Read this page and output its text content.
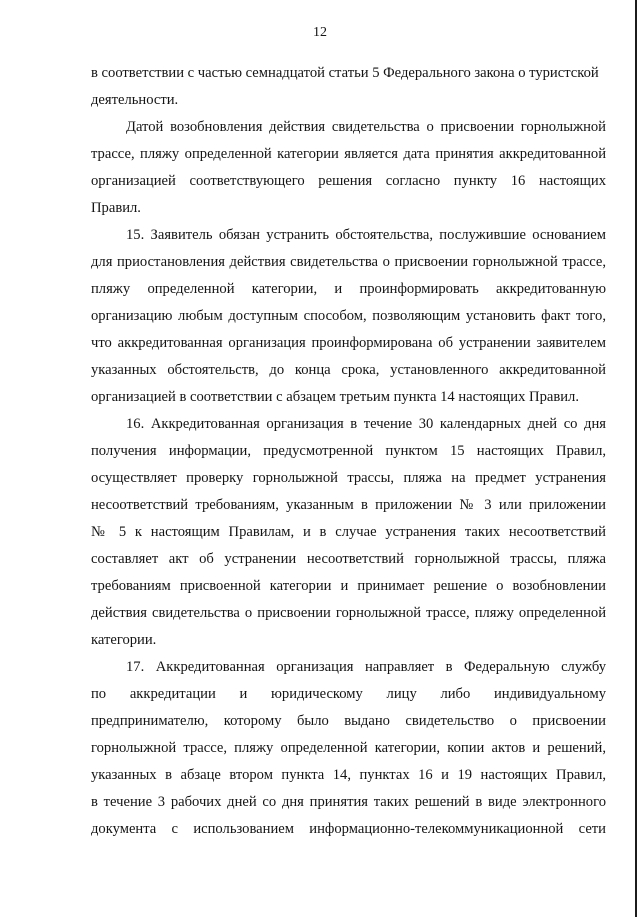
12
в соответствии с частью семнадцатой статьи 5 Федерального закона о туристской
деятельности.
Датой возобновления действия свидетельства о присвоении горнолыжной
трассе, пляжу определенной категории является дата принятия аккредитованной
организацией соответствующего решения согласно пункту 16 настоящих
Правил.
15. Заявитель обязан устранить обстоятельства, послужившие основанием
для приостановления действия свидетельства о присвоении горнолыжной трассе,
пляжу определенной категории, и проинформировать аккредитованную
организацию любым доступным способом, позволяющим установить факт того,
что аккредитованная организация проинформирована об устранении заявителем
указанных обстоятельств, до конца срока, установленного аккредитованной
организацией в соответствии с абзацем третьим пункта 14 настоящих Правил.
16. Аккредитованная организация в течение 30 календарных дней со дня
получения информации, предусмотренной пунктом 15 настоящих Правил,
осуществляет проверку горнолыжной трассы, пляжа на предмет устранения
несоответствий требованиям, указанным в приложении № 3 или приложении
№ 5 к настоящим Правилам, и в случае устранения таких несоответствий
составляет акт об устранении несоответствий горнолыжной трассы, пляжа
требованиям присвоенной категории и принимает решение о возобновлении
действия свидетельства о присвоении горнолыжной трассе, пляжу определенной
категории.
17. Аккредитованная организация направляет в Федеральную службу
по аккредитации и юридическому лицу либо индивидуальному
предпринимателю, которому было выдано свидетельство о присвоении
горнолыжной трассе, пляжу определенной категории, копии актов и решений,
указанных в абзаце втором пункта 14, пунктах 16 и 19 настоящих Правил,
в течение 3 рабочих дней со дня принятия таких решений в виде электронного
документа с использованием информационно-телекоммуникационной сети
